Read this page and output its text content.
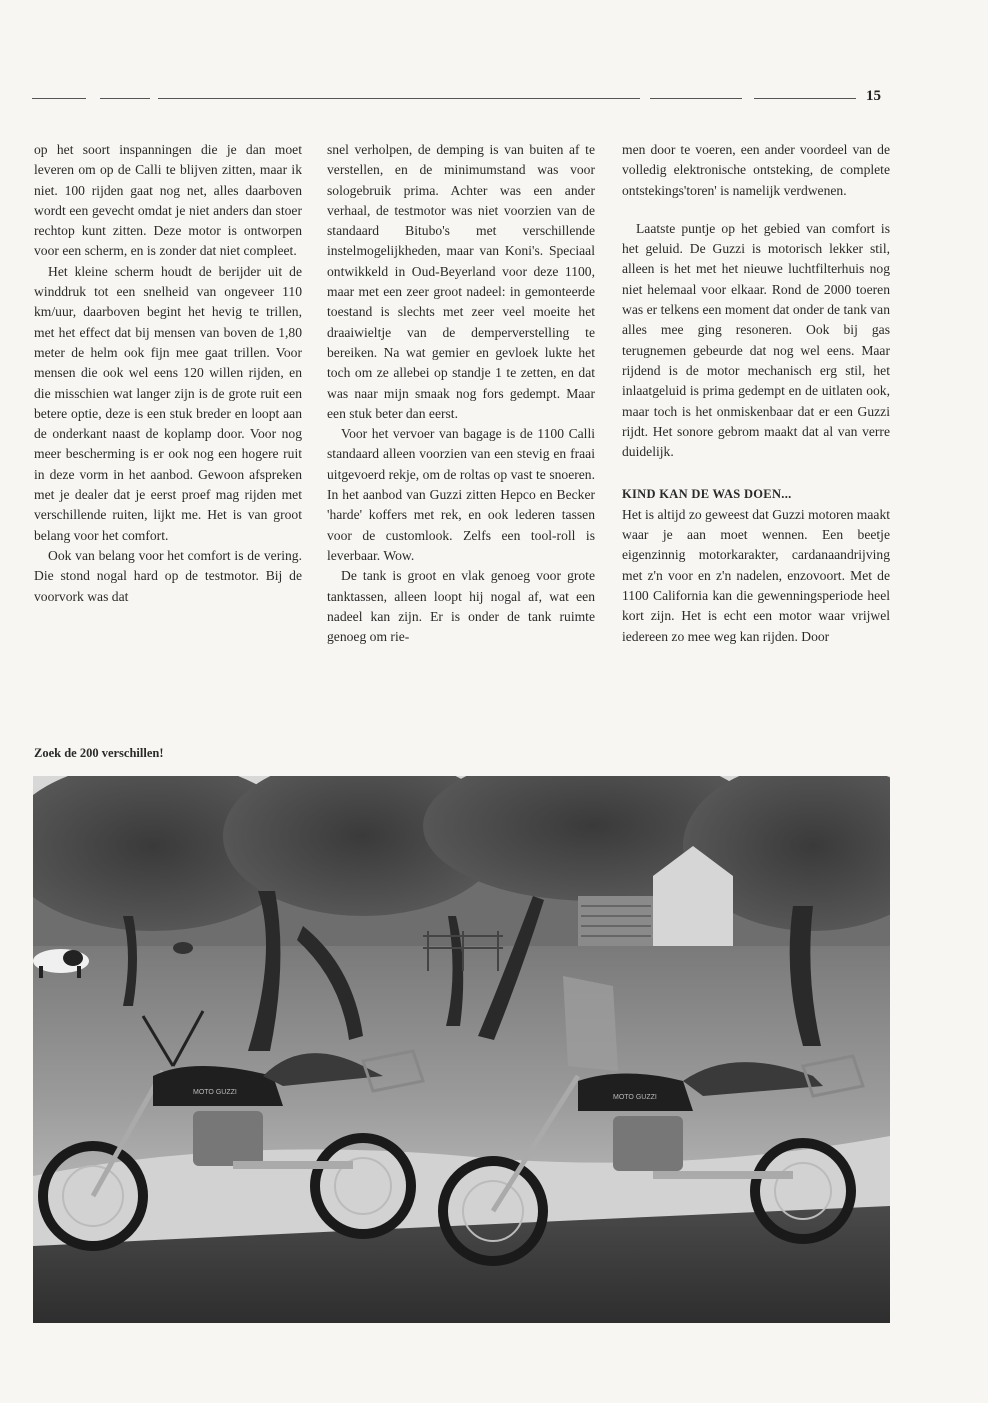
15

op het soort inspanningen die je dan moet leveren om op de Calli te blijven zitten, maar ik niet. 100 rijden gaat nog net, alles daarboven wordt een gevecht omdat je niet anders dan stoer rechtop kunt zitten. Deze motor is ontworpen voor een scherm, en is zonder dat niet compleet.

Het kleine scherm houdt de berijder uit de winddruk tot een snelheid van ongeveer 110 km/uur, daarboven begint het hevig te trillen, met het effect dat bij mensen van boven de 1,80 meter de helm ook fijn mee gaat trillen. Voor mensen die ook wel eens 120 willen rijden, en die misschien wat langer zijn is de grote ruit een betere optie, deze is een stuk breder en loopt aan de onderkant naast de koplamp door. Voor nog meer bescherming is er ook nog een hogere ruit in deze vorm in het aanbod. Gewoon afspreken met je dealer dat je eerst proef mag rijden met verschillende ruiten, lijkt me. Het is van groot belang voor het comfort.

Ook van belang voor het comfort is de vering. Die stond nogal hard op de testmotor. Bij de voorvork was dat

snel verholpen, de demping is van buiten af te verstellen, en de minimumstand was voor sologebruik prima. Achter was een ander verhaal, de testmotor was niet voorzien van de standaard Bitubo's met verschillende instelmogelijkheden, maar van Koni's. Speciaal ontwikkeld in Oud-Beyerland voor deze 1100, maar met een zeer groot nadeel: in gemonteerde toestand is slechts met zeer veel moeite het draaiwieltje van de demperverstelling te bereiken. Na wat gemier en gevloek lukte het toch om ze allebei op standje 1 te zetten, en dat was naar mijn smaak nog fors gedempt. Maar een stuk beter dan eerst.

Voor het vervoer van bagage is de 1100 Calli standaard alleen voorzien van een stevig en fraai uitgevoerd rekje, om de roltas op vast te snoeren. In het aanbod van Guzzi zitten Hepco en Becker 'harde' koffers met rek, en ook lederen tassen voor de customlook. Zelfs een tool-roll is leverbaar. Wow.

De tank is groot en vlak genoeg voor grote tanktassen, alleen loopt hij nogal af, wat een nadeel kan zijn. Er is onder de tank ruimte genoeg om rie-

men door te voeren, een ander voordeel van de volledig elektronische ontsteking, de complete ontstekings'toren' is namelijk verdwenen.

Laatste puntje op het gebied van comfort is het geluid. De Guzzi is motorisch lekker stil, alleen is het met het nieuwe luchtfilterhuis nog niet helemaal voor elkaar. Rond de 2000 toeren was er telkens een moment dat onder de tank van alles mee ging resoneren. Ook bij gas terugnemen gebeurde dat nog wel eens. Maar rijdend is de motor mechanisch erg stil, het inlaatgeluid is prima gedempt en de uitlaten ook, maar toch is het onmiskenbaar dat er een Guzzi rijdt. Het sonore gebrom maakt dat al van verre duidelijk.

KIND KAN DE WAS DOEN...

Het is altijd zo geweest dat Guzzi motoren maakt waar je aan moet wennen. Een beetje eigenzinnig motorkarakter, cardanaandrijving met z'n voor en z'n nadelen, enzovoort. Met de 1100 California kan die gewenningsperiode heel kort zijn. Het is echt een motor waar vrijwel iedereen zo mee weg kan rijden. Door

Zoek de 200 verschillen!
MOTO GUZZI
MOTO GUZZI
